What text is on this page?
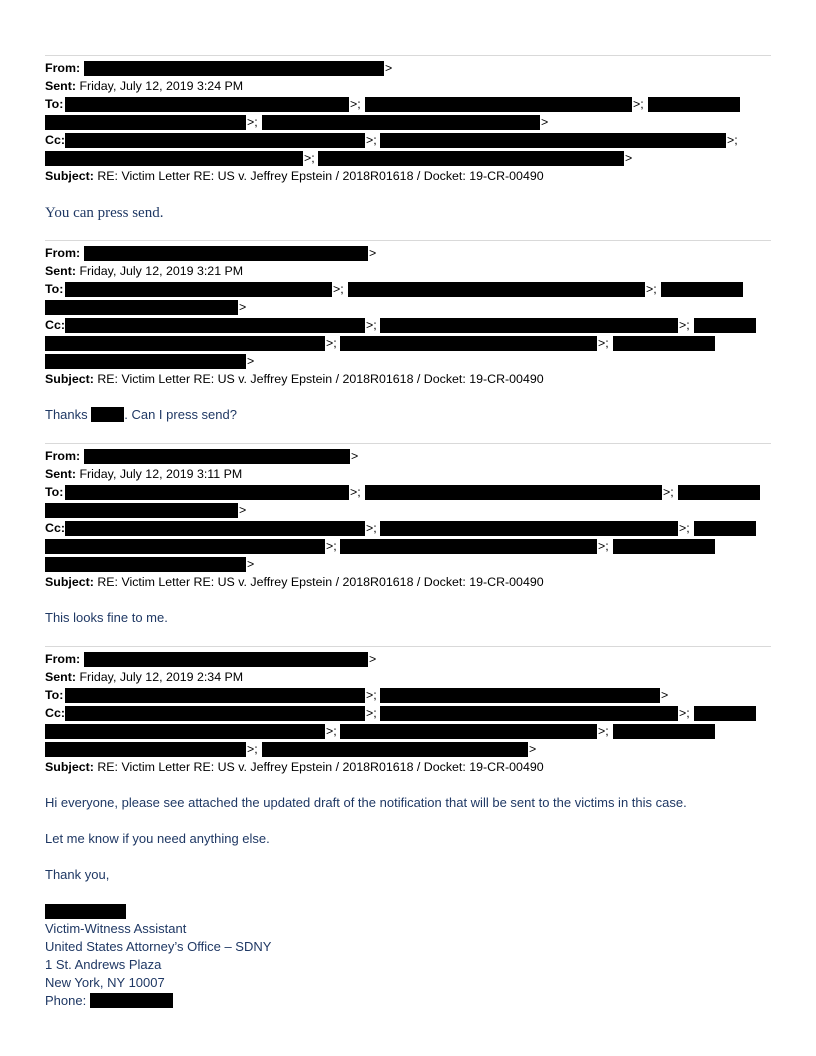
From:	>
Sent: Friday, July 12, 2019 3:24 PM
To:	>;	>;
>;	>
Cc:	>;	>;
>;	>
Subject: RE: Victim Letter RE: US v. Jeffrey Epstein / 2018R01618 / Docket: 19-CR-00490
You can press send.
From:	>
Sent: Friday, July 12, 2019 3:21 PM
To:	>;	>;
>
Cc:	>;	>;
>;	>;
>
Subject: RE: Victim Letter RE: US v. Jeffrey Epstein / 2018R01618 / Docket: 19-CR-00490
Thanks	. Can I press send?
From:	>
Sent: Friday, July 12, 2019 3:11 PM
To:	>;	>;
>
Cc:	>;	>;
>;	>;
>
Subject: RE: Victim Letter RE: US v. Jeffrey Epstein / 2018R01618 / Docket: 19-CR-00490
This looks fine to me.
From:	>
Sent: Friday, July 12, 2019 2:34 PM
To:	>;	>
Cc:	>;	>;
>;	>;
>;	>
Subject: RE: Victim Letter RE: US v. Jeffrey Epstein / 2018R01618 / Docket: 19-CR-00490
Hi everyone, please see attached the updated draft of the notification that will be sent to the victims in this case.
Let me know if you need anything else.
Thank you,
Victim-Witness Assistant
United States Attorney’s Office – SDNY
1 St. Andrews Plaza
New York, NY 10007
Phone:
